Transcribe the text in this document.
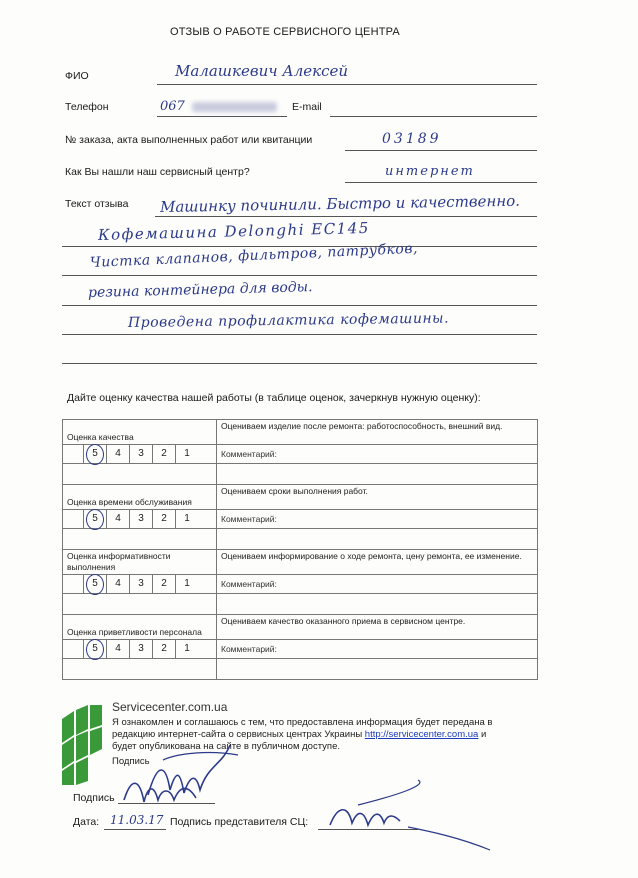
ОТЗЫВ О РАБОТЕ СЕРВИСНОГО ЦЕНТРА
ФИО	Малашкевич Алексей
Телефон	067	E-mail
№ заказа, акта выполненных работ или квитанции	03189
Как Вы нашли наш сервисный центр?	интернет
Текст отзыва Машинку починили. Быстро и качественно.
Кофемашина Delonghi EC145
Чистка клапанов, фильтров, патрубков,
резина контейнера для воды.
Проведена профилактика кофемашины.
Дайте оценку качества нашей работы (в таблице оценок, зачеркнув нужную оценку):
Оценка качества	Оцениваем изделие после ремонта: работоспособность, внешний вид.

5 4 3 2 1	Комментарий:

Оценка времени обслуживания	Оцениваем сроки выполнения работ.

5 4 3 2 1	Комментарий:

Оценка информативности выполнения	Оцениваем информирование о ходе ремонта, цену ремонта, ее изменение.

5 4 3 2 1	Комментарий:

Оценка приветливости персонала	Оцениваем качество оказанного приема в сервисном центре.

5 4 3 2 1	Комментарий:

Servicecenter.com.ua
Я ознакомлен и соглашаюсь с тем, что предоставлена информация будет передана в
редакцию интернет-сайта о сервисных центрах Украины http://servicecenter.com.ua и
будет опубликована на сайте в публичном доступе.
Подпись
Подпись
Дата: 11.03.17 Подпись представителя СЦ:
